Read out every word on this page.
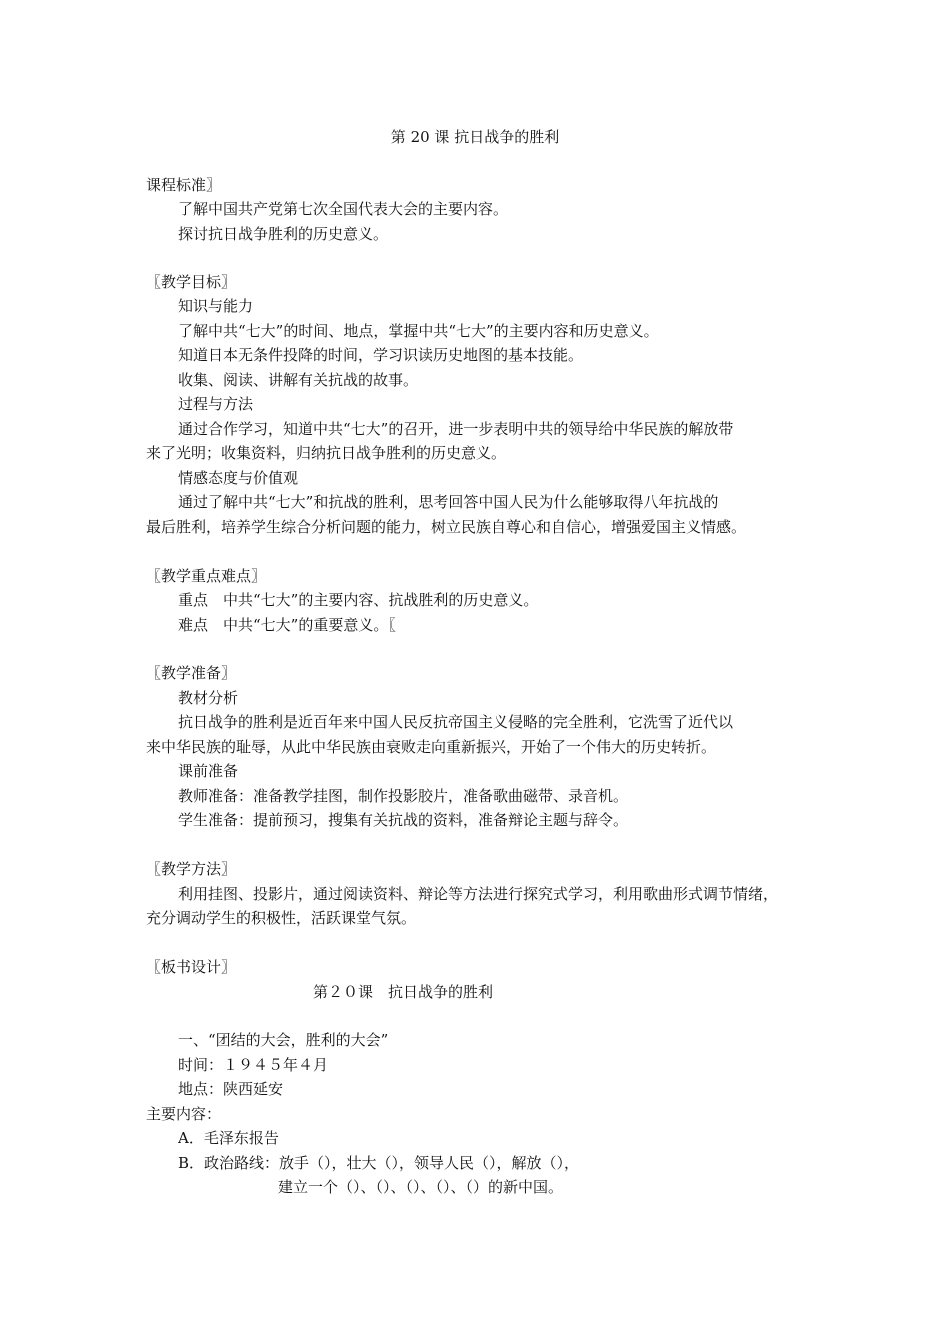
第 20 课 抗日战争的胜利
课程标准〗
了解中国共产党第七次全国代表大会的主要内容。
探讨抗日战争胜利的历史意义。
〖教学目标〗
知识与能力
了解中共“七大”的时间、地点，掌握中共“七大”的主要内容和历史意义。
知道日本无条件投降的时间，学习识读历史地图的基本技能。
收集、阅读、讲解有关抗战的故事。
过程与方法
通过合作学习，知道中共“七大”的召开，进一步表明中共的领导给中华民族的解放带
来了光明；收集资料，归纳抗日战争胜利的历史意义。
情感态度与价值观
通过了解中共“七大”和抗战的胜利，思考回答中国人民为什么能够取得八年抗战的
最后胜利，培养学生综合分析问题的能力，树立民族自尊心和自信心，增强爱国主义情感。
〖教学重点难点〗
重点　中共“七大”的主要内容、抗战胜利的历史意义。
难点　中共“七大”的重要意义。〖
〖教学准备〗
教材分析
抗日战争的胜利是近百年来中国人民反抗帝国主义侵略的完全胜利，它洗雪了近代以
来中华民族的耻辱，从此中华民族由衰败走向重新振兴，开始了一个伟大的历史转折。
课前准备
教师准备：准备教学挂图，制作投影胶片，准备歌曲磁带、录音机。
学生准备：提前预习，搜集有关抗战的资料，准备辩论主题与辞令。
〖教学方法〗
利用挂图、投影片，通过阅读资料、辩论等方法进行探究式学习，利用歌曲形式调节情绪，
充分调动学生的积极性，活跃课堂气氛。
〖板书设计〗
第２０课　抗日战争的胜利
一、“团结的大会，胜利的大会”
时间：１９４５年４月
地点：陕西延安
主要内容：
A．毛泽东报告
B．政治路线：放手（），壮大（），领导人民（），解放（），
建立一个（）、（）、（）、（）、（）的新中国。
